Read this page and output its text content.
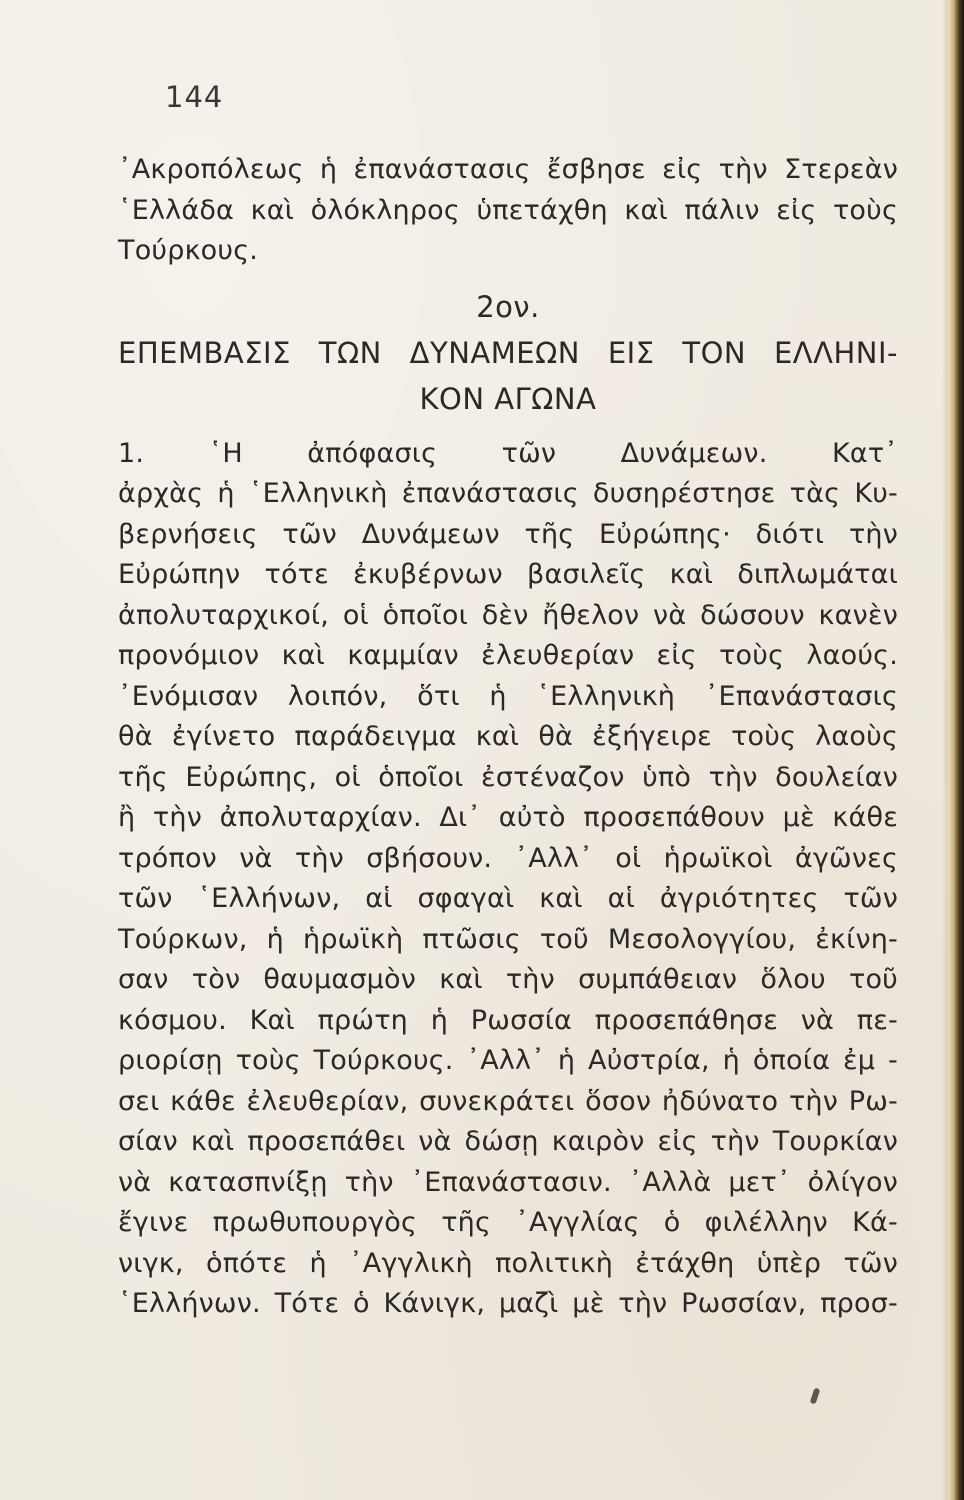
144
᾿Ακροπόλεως ἡ ἐπανάστασις ἔσβησε εἰς τὴν Στερεὰν
῾Ελλάδα καὶ ὁλόκληρος ὑπετάχθη καὶ πάλιν εἰς τοὺς
Τούρκους.
2ον.
ΕΠΕΜΒΑΣΙΣ ΤΩΝ ΔΥΝΑΜΕΩΝ ΕΙΣ ΤΟΝ ΕΛΛΗΝΙ-
ΚΟΝ ΑΓΩΝΑ
1. ῾Η ἀπόφασις τῶν Δυνάμεων. Κατ᾿
ἀρχὰς ἡ ῾Ελληνικὴ ἐπανάστασις δυσηρέστησε τὰς Κυ-
βερνήσεις τῶν Δυνάμεων τῆς Εὐρώπης· διότι τὴν
Εὐρώπην τότε ἐκυβέρνων βασιλεῖς καὶ διπλωμάται
ἀπολυταρχικοί, οἱ ὁποῖοι δὲν ἤθελον νὰ δώσουν κανὲν
προνόμιον καὶ καμμίαν ἐλευθερίαν εἰς τοὺς λαούς.
᾿Ενόμισαν λοιπόν, ὅτι ἡ ῾Ελληνικὴ ᾿Επανάστασις
θὰ ἐγίνετο παράδειγμα καὶ θὰ ἐξήγειρε τοὺς λαοὺς
τῆς Εὐρώπης, οἱ ὁποῖοι ἐστέναζον ὑπὸ τὴν δουλείαν
ἢ τὴν ἀπολυταρχίαν. Δι᾿ αὐτὸ προσεπάθουν μὲ κάθε
τρόπον νὰ τὴν σβήσουν. ᾿Αλλ᾿ οἱ ἡρωϊκοὶ ἀγῶνες
τῶν ῾Ελλήνων, αἱ σφαγαὶ καὶ αἱ ἀγριότητες τῶν
Τούρκων, ἡ ἡρωϊκὴ πτῶσις τοῦ Μεσολογγίου, ἐκίνη-
σαν τὸν θαυμασμὸν καὶ τὴν συμπάθειαν ὅλου τοῦ
κόσμου. Καὶ πρώτη ἡ Ρωσσία προσεπάθησε νὰ πε-
ριορίσῃ τοὺς Τούρκους. ᾿Αλλ᾿ ἡ Αὐστρία, ἡ ὁποία ἐμ -
σει κάθε ἐλευθερίαν, συνεκράτει ὅσον ἠδύνατο τὴν Ρω-
σίαν καὶ προσεπάθει νὰ δώσῃ καιρὸν εἰς τὴν Τουρκίαν
νὰ κατασπνίξῃ τὴν ᾿Επανάστασιν. ᾿Αλλὰ μετ᾿ ὀλίγον
ἔγινε πρωθυπουργὸς τῆς ᾿Αγγλίας ὁ φιλέλλην Κά-
νιγκ, ὁπότε ἡ ᾿Αγγλικὴ πολιτικὴ ἐτάχθη ὑπὲρ τῶν
῾Ελλήνων. Τότε ὁ Κάνιγκ, μαζὶ μὲ τὴν Ρωσσίαν, προσ-
